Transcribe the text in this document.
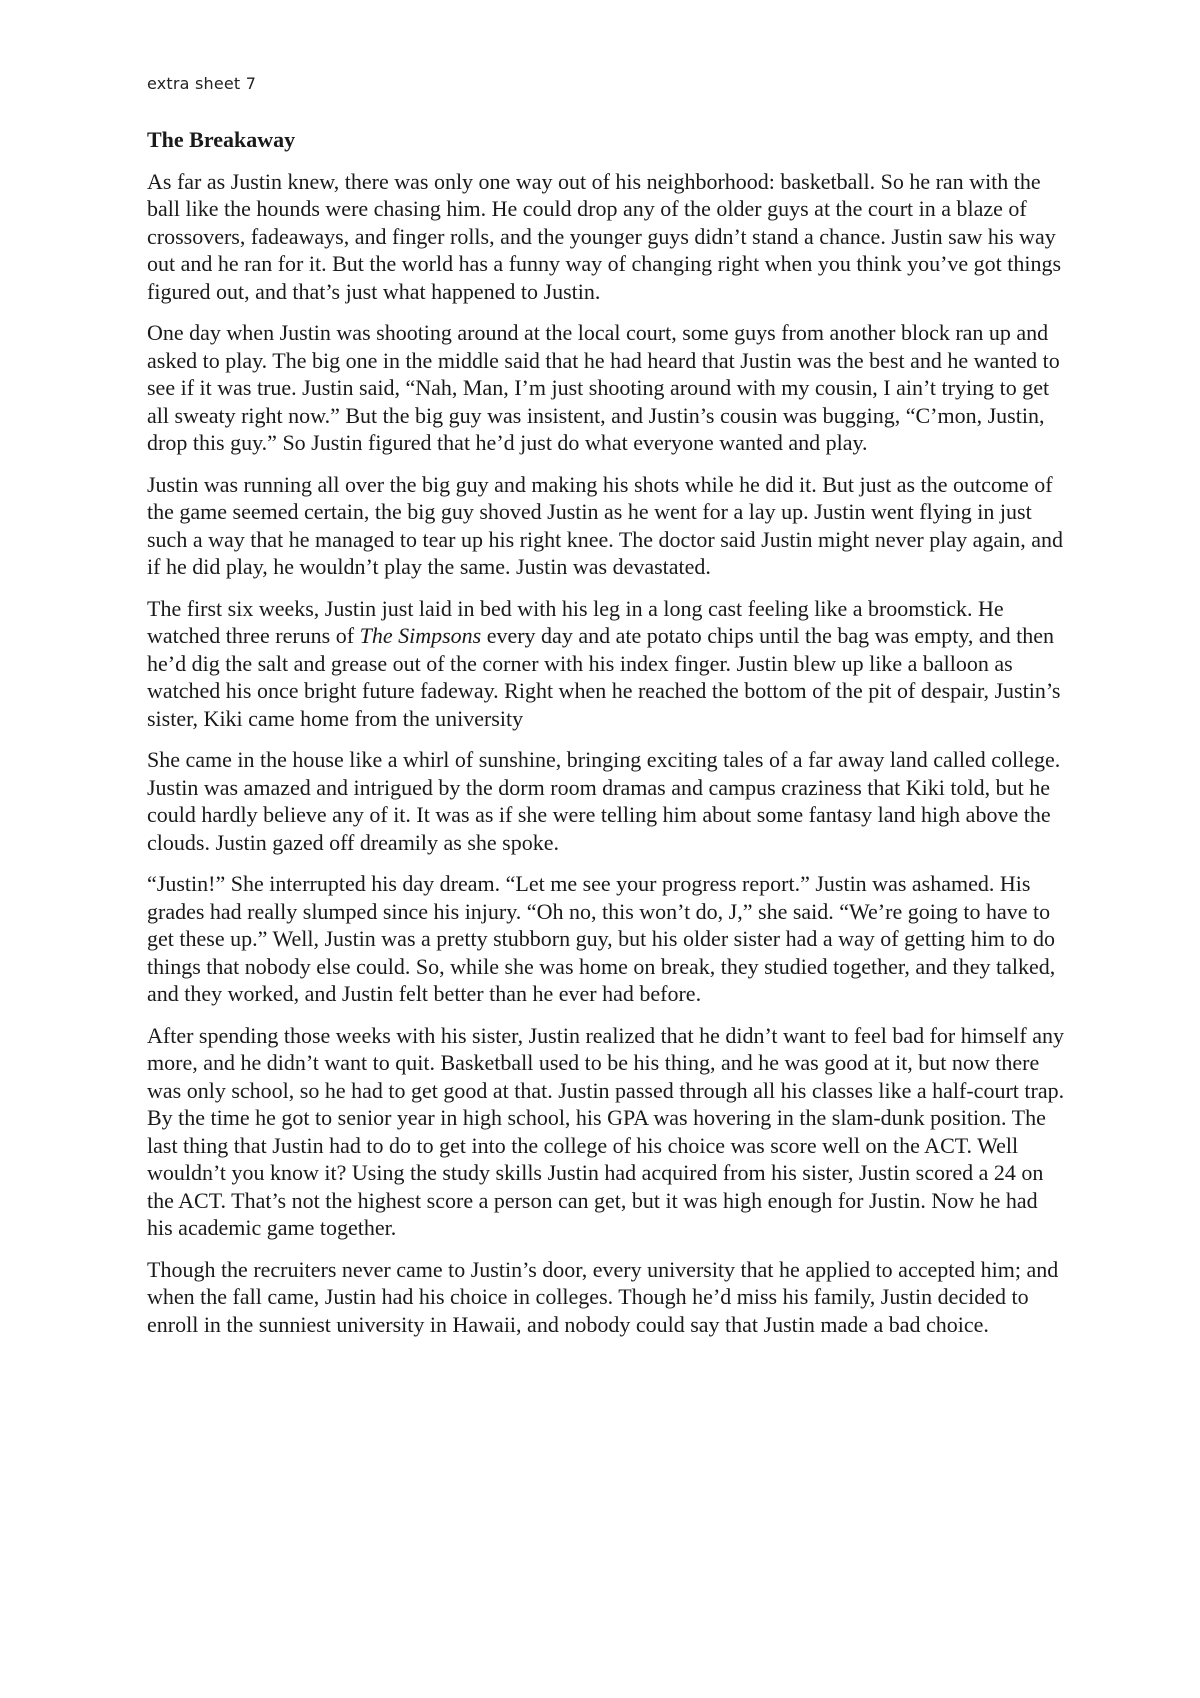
extra sheet 7
The Breakaway

As far as Justin knew, there was only one way out of his neighborhood: basketball. So he ran with the ball like the hounds were chasing him. He could drop any of the older guys at the court in a blaze of crossovers, fadeaways, and finger rolls, and the younger guys didn’t stand a chance. Justin saw his way out and he ran for it. But the world has a funny way of changing right when you think you’ve got things figured out, and that’s just what happened to Justin.

One day when Justin was shooting around at the local court, some guys from another block ran up and asked to play. The big one in the middle said that he had heard that Justin was the best and he wanted to see if it was true. Justin said, “Nah, Man, I’m just shooting around with my cousin, I ain’t trying to get all sweaty right now.” But the big guy was insistent, and Justin’s cousin was bugging, “C’mon, Justin, drop this guy.” So Justin figured that he’d just do what everyone wanted and play.

Justin was running all over the big guy and making his shots while he did it. But just as the outcome of the game seemed certain, the big guy shoved Justin as he went for a lay up. Justin went flying in just such a way that he managed to tear up his right knee. The doctor said Justin might never play again, and if he did play, he wouldn’t play the same. Justin was devastated.

The first six weeks, Justin just laid in bed with his leg in a long cast feeling like a broomstick. He watched three reruns of The Simpsons every day and ate potato chips until the bag was empty, and then he’d dig the salt and grease out of the corner with his index finger. Justin blew up like a balloon as watched his once bright future fadeway. Right when he reached the bottom of the pit of despair, Justin’s sister, Kiki came home from the university

She came in the house like a whirl of sunshine, bringing exciting tales of a far away land called college. Justin was amazed and intrigued by the dorm room dramas and campus craziness that Kiki told, but he could hardly believe any of it. It was as if she were telling him about some fantasy land high above the clouds. Justin gazed off dreamily as she spoke.

“Justin!” She interrupted his day dream. “Let me see your progress report.” Justin was ashamed. His grades had really slumped since his injury. “Oh no, this won’t do, J,” she said. “We’re going to have to get these up.” Well, Justin was a pretty stubborn guy, but his older sister had a way of getting him to do things that nobody else could. So, while she was home on break, they studied together, and they talked, and they worked, and Justin felt better than he ever had before.

After spending those weeks with his sister, Justin realized that he didn’t want to feel bad for himself any more, and he didn’t want to quit. Basketball used to be his thing, and he was good at it, but now there was only school, so he had to get good at that. Justin passed through all his classes like a half-court trap. By the time he got to senior year in high school, his GPA was hovering in the slam-dunk position. The last thing that Justin had to do to get into the college of his choice was score well on the ACT. Well wouldn’t you know it? Using the study skills Justin had acquired from his sister, Justin scored a 24 on the ACT. That’s not the highest score a person can get, but it was high enough for Justin. Now he had his academic game together.

Though the recruiters never came to Justin’s door, every university that he applied to accepted him; and when the fall came, Justin had his choice in colleges. Though he’d miss his family, Justin decided to enroll in the sunniest university in Hawaii, and nobody could say that Justin made a bad choice.
